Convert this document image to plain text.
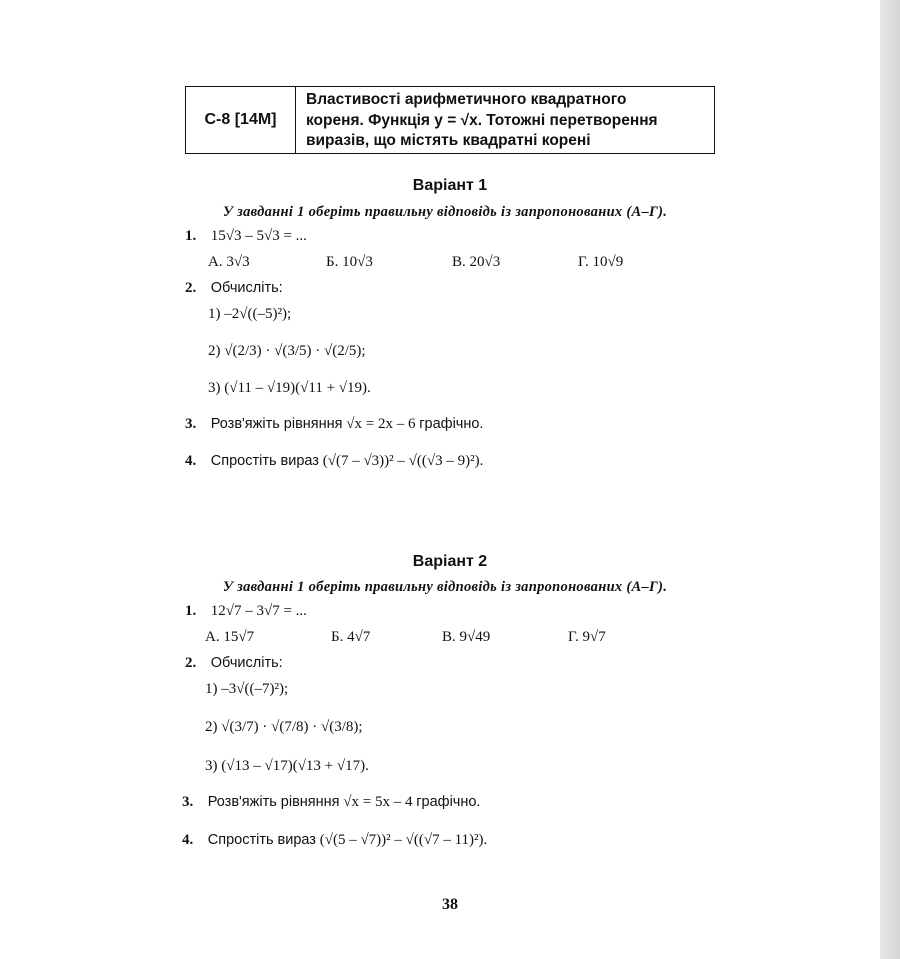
С-8 [14М]
Властивості арифметичного квадратного
кореня. Функція y = √x. Тотожні перетворення
виразів, що містять квадратні корені
Варіант 1
У завданні 1 оберіть правильну відповідь із запропонованих (А–Г).
1. 15√3 – 5√3 = ...
А. 3√3	Б. 10√3	В. 20√3	Г. 10√9
2. Обчисліть:
1) –2√((–5)²);
2) √(2/3) · √(3/5) · √(2/5);
3) (√11 – √19)(√11 + √19).
3. Розв'яжіть рівняння √x = 2x – 6 графічно.
4. Спростіть вираз (√(7 – √3))² – √((√3 – 9)²).
Варіант 2
У завданні 1 оберіть правильну відповідь із запропонованих (А–Г).
1. 12√7 – 3√7 = ...
А. 15√7	Б. 4√7	В. 9√49	Г. 9√7
2. Обчисліть:
1) –3√((–7)²);
2) √(3/7) · √(7/8) · √(3/8);
3) (√13 – √17)(√13 + √17).
3. Розв'яжіть рівняння √x = 5x – 4 графічно.
4. Спростіть вираз (√(5 – √7))² – √((√7 – 11)²).
38
